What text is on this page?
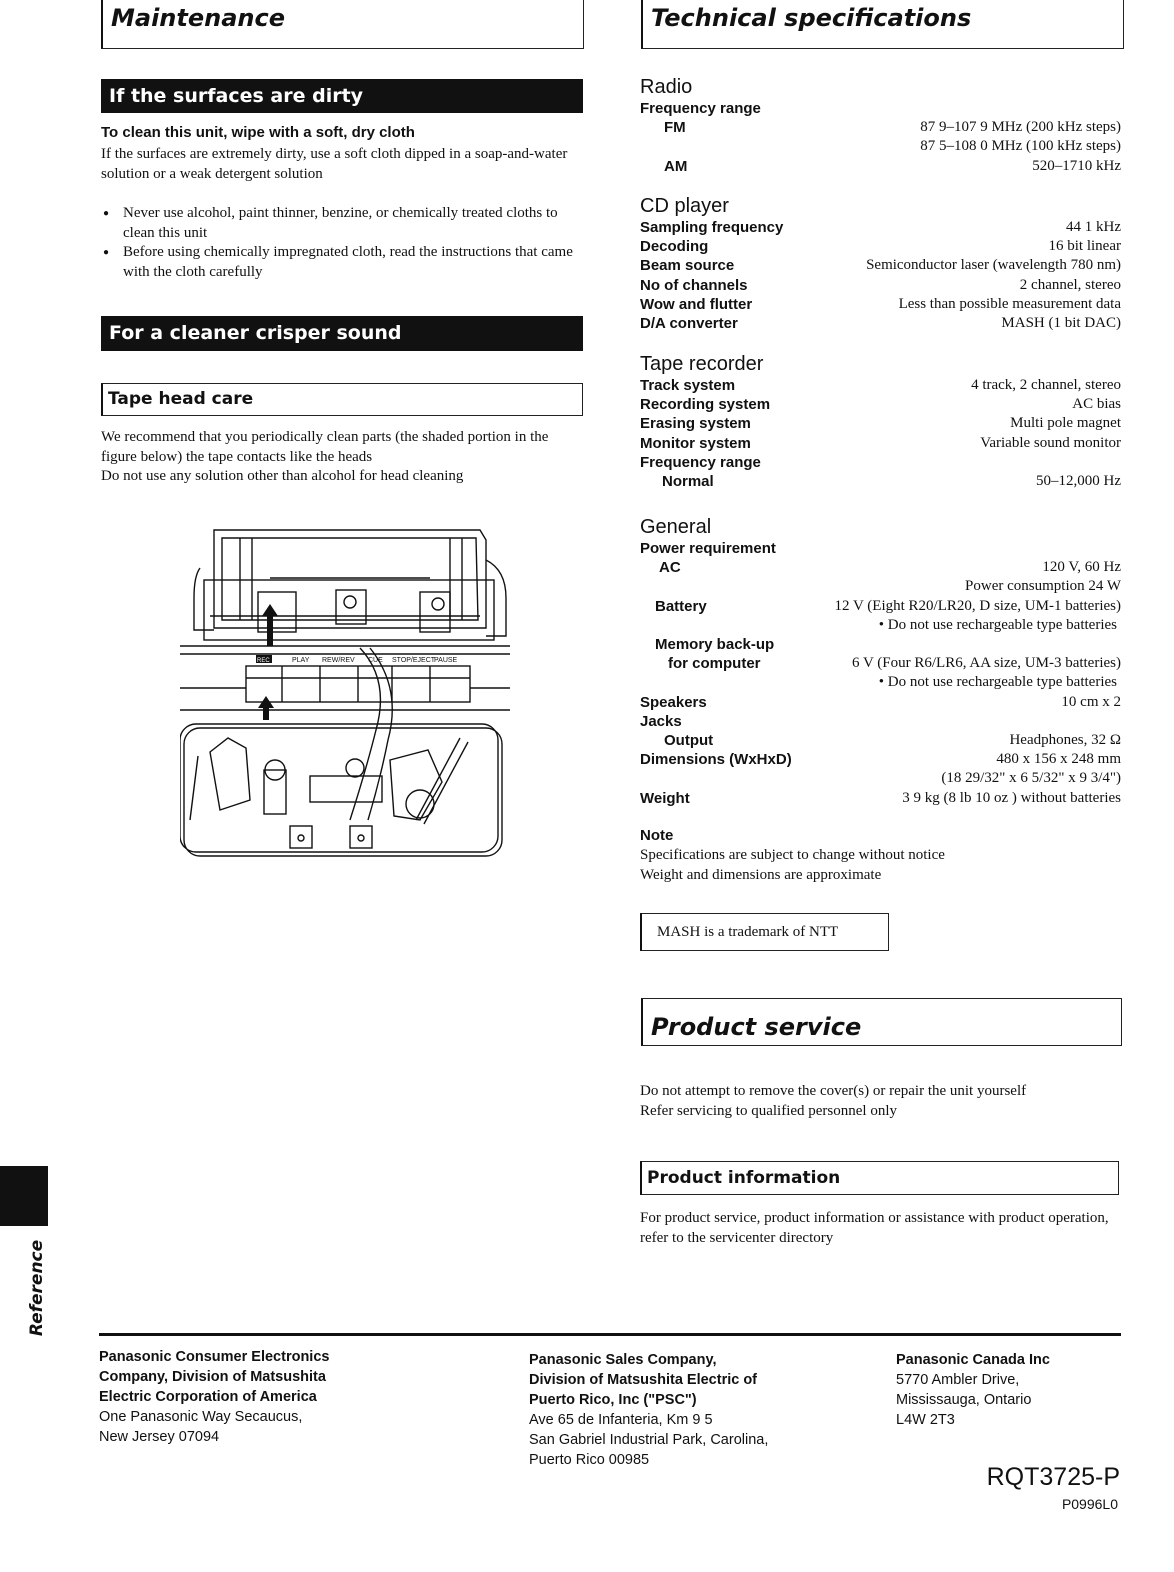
Maintenance
If the surfaces are dirty
To clean this unit, wipe with a soft, dry cloth
If the surfaces are extremely dirty, use a soft cloth dipped in a soap-and-water solution or a weak detergent solution
● Never use alcohol, paint thinner, benzine, or chemically treated cloths to clean this unit
● Before using chemically impregnated cloth, read the instructions that came with the cloth carefully
For a cleaner crisper sound
Tape head care
We recommend that you periodically clean parts (the shaded portion in the figure below) the tape contacts like the heads
Do not use any solution other than alcohol for head cleaning
REC	PLAY REW/REV CUE STOP/EJECT
PAUSE
Reference
Technical specifications
Radio
Frequency range
FM	87 9–107 9 MHz (200 kHz steps)
87 5–108 0 MHz (100 kHz steps)
AM	520–1710 kHz
CD player
Sampling frequency	44 1 kHz
Decoding	16 bit linear
Beam source	Semiconductor laser (wavelength 780 nm)
No of channels	2 channel, stereo
Wow and flutter	Less than possible measurement data
D/A converter	MASH (1 bit DAC)
Tape recorder
Track system	4 track, 2 channel, stereo
Recording system	AC bias
Erasing system	Multi pole magnet
Monitor system	Variable sound monitor
Frequency range
Normal	50–12,000 Hz
General
Power requirement
AC	120 V, 60 Hz
Power consumption 24 W
Battery	12 V (Eight R20/LR20, D size, UM-1 batteries)
• Do not use rechargeable type batteries
Memory back-up
for computer	6 V (Four R6/LR6, AA size, UM-3 batteries)
• Do not use rechargeable type batteries
Speakers	10 cm x 2
Jacks
Output	Headphones, 32 Ω
Dimensions (WxHxD)	480 x 156 x 248 mm
(18 29/32" x 6 5/32" x 9 3/4")
Weight	3 9 kg (8 lb 10 oz ) without batteries
Note
Specifications are subject to change without notice
Weight and dimensions are approximate
MASH is a trademark of NTT
Product service
Do not attempt to remove the cover(s) or repair the unit yourself
Refer servicing to qualified personnel only
Product information
For product service, product information or assistance with product operation, refer to the servicenter directory
Panasonic Consumer Electronics
Company, Division of Matsushita
Electric Corporation of America
One Panasonic Way Secaucus,
New Jersey 07094
Panasonic Sales Company,
Division of Matsushita Electric of
Puerto Rico, Inc ("PSC")
Ave 65 de Infanteria, Km 9 5
San Gabriel Industrial Park, Carolina,
Puerto Rico 00985
Panasonic Canada Inc
5770 Ambler Drive,
Mississauga, Ontario
L4W 2T3
RQT3725-P
P0996L0
